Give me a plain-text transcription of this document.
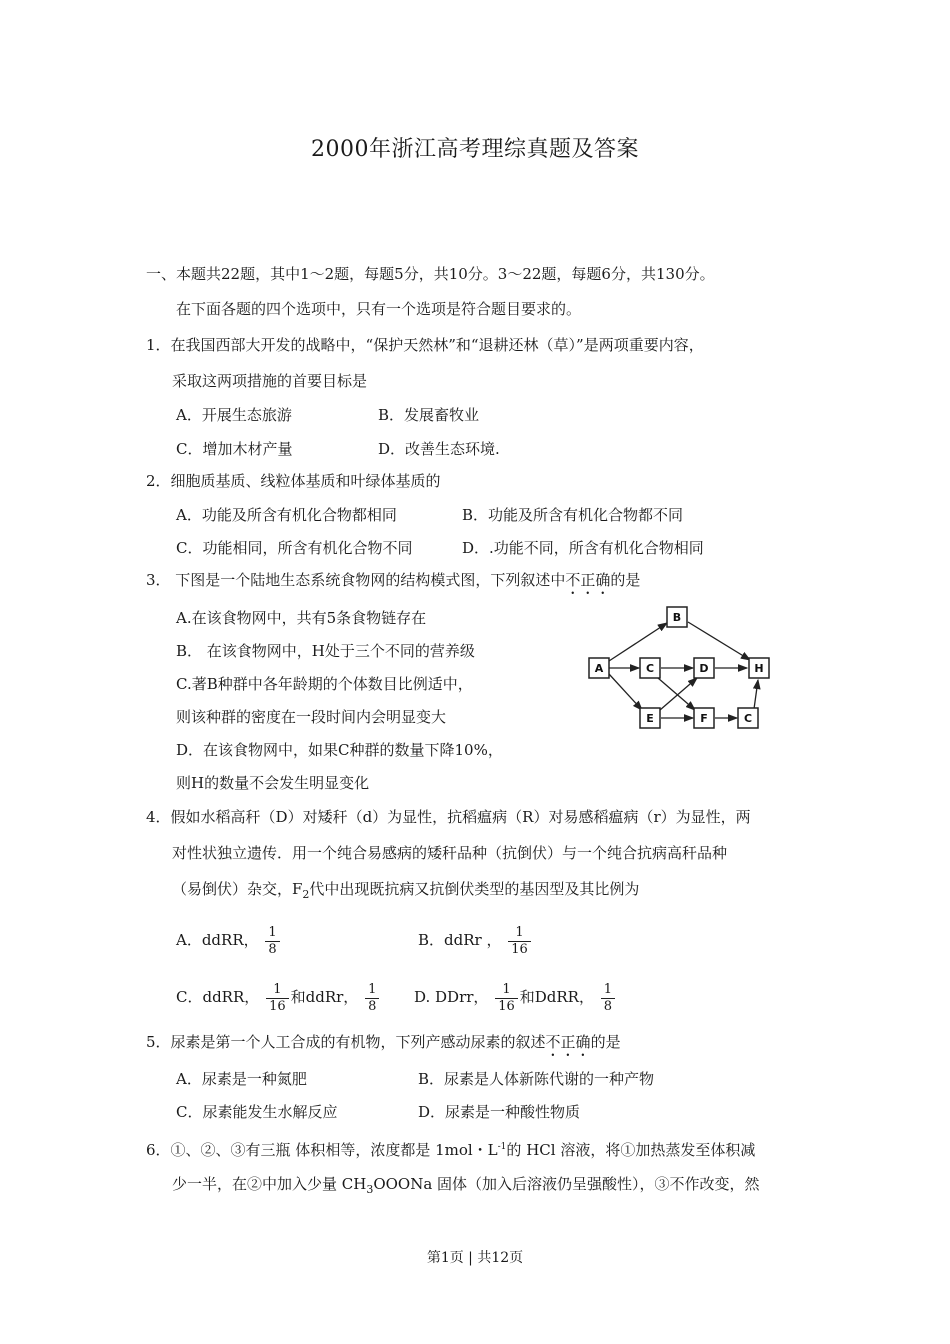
2000年浙江高考理综真题及答案
一、本题共22题，其中1～2题，每题5分，共10分。3～22题，每题6分，共130分。
在下面各题的四个选项中，只有一个选项是符合题目要求的。
1．在我国西部大开发的战略中，“保护天然林”和“退耕还林（草）”是两项重要内容，
采取这两项措施的首要目标是
A．开展生态旅游	B．发展畜牧业
C．增加木材产量	D．改善生态环境.
2．细胞质基质、线粒体基质和叶绿体基质的
A．功能及所含有机化合物都相同	B．功能及所含有机化合物都不同
C．功能相同，所含有机化合物不同	D．.功能不同，所含有机化合物相同
3． 下图是一个陆地生态系统食物网的结构模式图，下列叙述中不正确的是
A.在该食物网中，共有5条食物链存在
B． 在该食物网中，H处于三个不同的营养级
C.著B种群中各年龄期的个体数目比例适中，
则该种群的密度在一段时间内会明显变大
D．在该食物网中，如果C种群的数量下降10%，
则H的数量不会发生明显变化
A
B
C	D	H
E	F	C
4．假如水稻高秆（D）对矮秆（d）为显性，抗稻瘟病（R）对易感稻瘟病（r）为显性，两
对性状独立遗传．用一个纯合易感病的矮秆品种（抗倒伏）与一个纯合抗病高秆品种
（易倒伏）杂交，$F_2$代中出现既抗病又抗倒伏类型的基因型及其比例为
A．ddRR， $\frac{1}{8}$	B．ddRr ， $\frac{1}{16}$
C．ddRR， $\frac{1}{16}$ 和ddRr， $\frac{1}{8} D$. DDrr， $\frac{1}{16}$ 和DdRR， $\frac{1}{8}$
5．尿素是第一个人工合成的有机物，下列产感动尿素的叙述不正确的是
A．尿素是一种氮肥	B．尿素是人体新陈代谢的一种产物
C．尿素能发生水解反应	D．尿素是一种酸性物质
6．①、②、③有三瓶 体积相等，浓度都是 1mol・$L^{-1}$的 HCl 溶液，将①加热蒸发至体积减
少一半，在②中加入少量 $CH_3OOONa$ 固体（加入后溶液仍呈强酸性），③不作改变，然
第1页 | 共12页
